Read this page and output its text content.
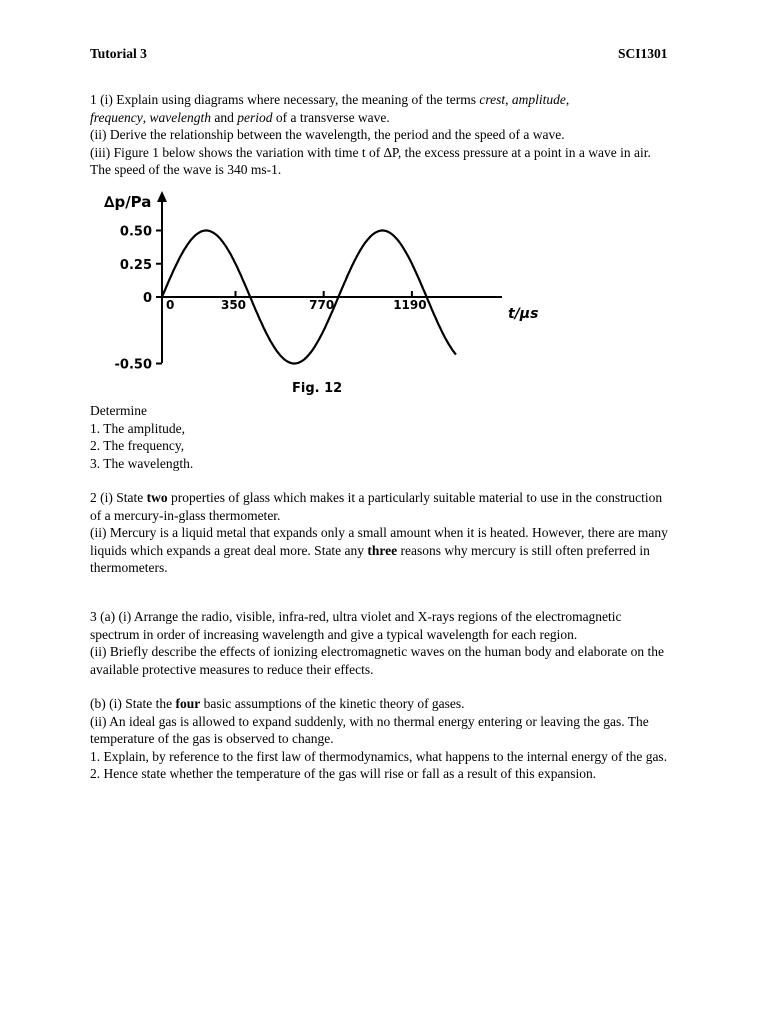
Tutorial 3	SCI1301

1 (i) Explain using diagrams where necessary, the meaning of the terms crest, amplitude,
frequency, wavelength and period of a transverse wave.

(ii) Derive the relationship between the wavelength, the period and the speed of a wave.

(iii) Figure 1 below shows the variation with time t of ∆P, the excess pressure at a point in a wave in air. The speed of the wave is 340 ms-1.

-0.50
0
0.25
0.50
0	350	770	1190
∆p/Pa
t/µs
Fig. 12

Determine

1. The amplitude,

2. The frequency,

3. The wavelength.

2 (i) State two properties of glass which makes it a particularly suitable material to use in the construction of a mercury-in-glass thermometer.

(ii) Mercury is a liquid metal that expands only a small amount when it is heated. However, there are many liquids which expands a great deal more. State any three reasons why mercury is still often preferred in thermometers.

3 (a) (i) Arrange the radio, visible, infra-red, ultra violet and X-rays regions of the electromagnetic spectrum in order of increasing wavelength and give a typical wavelength for each region.

(ii) Briefly describe the effects of ionizing electromagnetic waves on the human body and elaborate on the available protective measures to reduce their effects.

(b) (i) State the four basic assumptions of the kinetic theory of gases.

(ii) An ideal gas is allowed to expand suddenly, with no thermal energy entering or leaving the gas. The temperature of the gas is observed to change.

1. Explain, by reference to the first law of thermodynamics, what happens to the internal energy of the gas.

2. Hence state whether the temperature of the gas will rise or fall as a result of this expansion.
